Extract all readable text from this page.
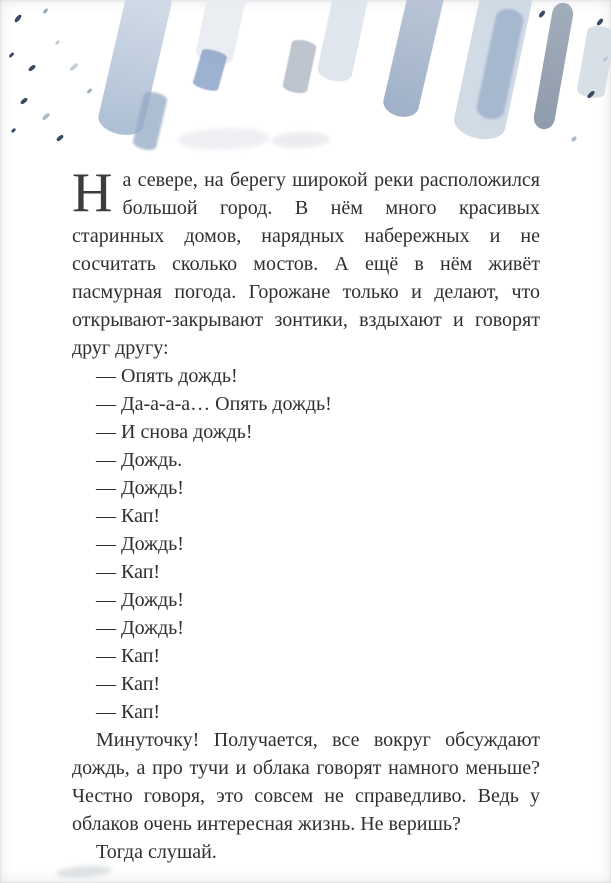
На севере, на берегу широкой реки расположился большой город. В нём много красивых старинных домов, нарядных набережных и не сосчитать сколько мостов. А ещё в нём живёт пасмурная погода. Горожане только и делают, что открывают-закрывают зонтики, вздыхают и говорят друг другу:

— Опять дождь!

— Да-а-а-а… Опять дождь!

— И снова дождь!

— Дождь.

— Дождь!

— Кап!

— Дождь!

— Кап!

— Дождь!

— Дождь!

— Кап!

— Кап!

— Кап!

Минуточку! Получается, все вокруг обсуждают дождь, а про тучи и облака говорят намного меньше? Честно говоря, это совсем не справедливо. Ведь у облаков очень интересная жизнь. Не веришь?

Тогда слушай.
